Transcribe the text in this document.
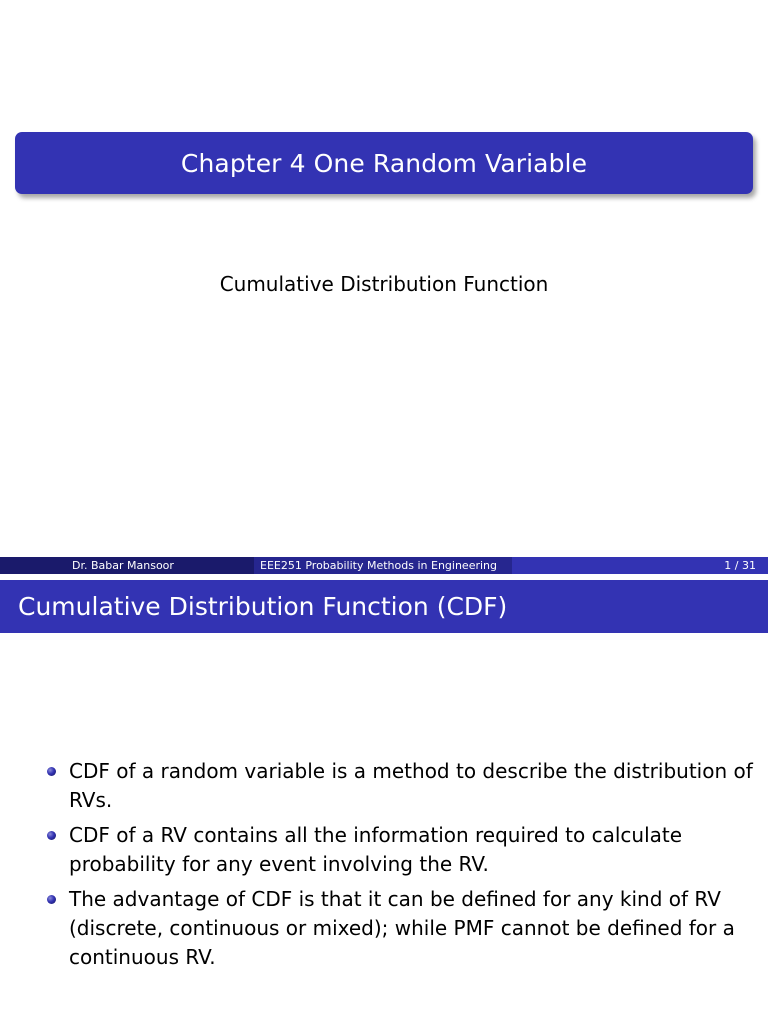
Chapter 4 One Random Variable
Cumulative Distribution Function
Dr. Babar Mansoor	EEE251 Probability Methods in Engineering	1 / 31
Cumulative Distribution Function (CDF)
CDF of a random variable is a method to describe the distribution of RVs.
CDF of a RV contains all the information required to calculate probability for any event involving the RV.
The advantage of CDF is that it can be defined for any kind of RV (discrete, continuous or mixed); while PMF cannot be defined for a continuous RV.
